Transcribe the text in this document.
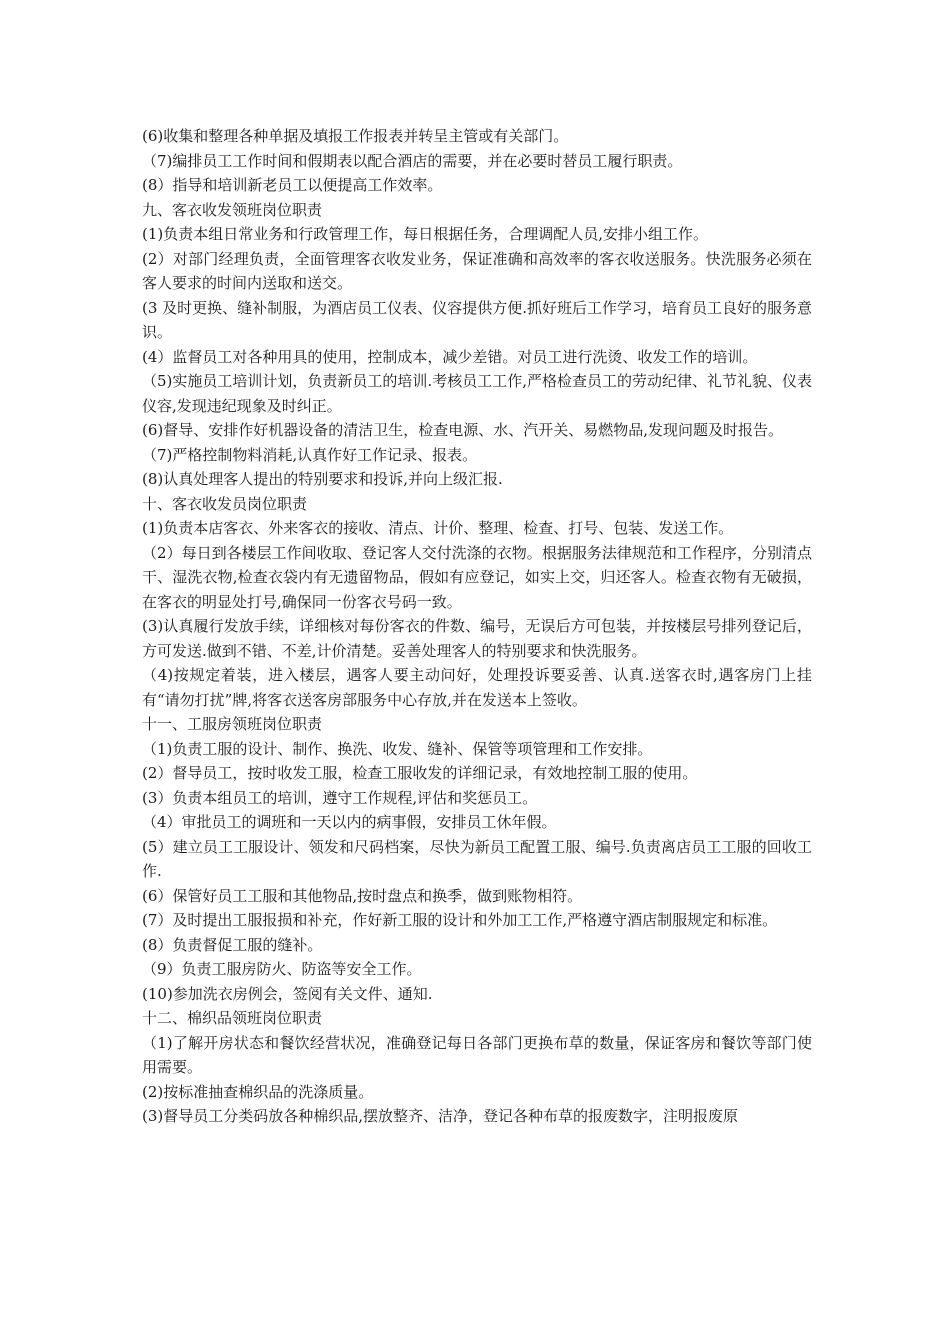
(6)收集和整理各种单据及填报工作报表并转呈主管或有关部门。

（7)编排员工工作时间和假期表以配合酒店的需要，并在必要时替员工履行职责。

(8）指导和培训新老员工以便提高工作效率。

九、客衣收发领班岗位职责

(1)负责本组日常业务和行政管理工作，每日根据任务，合理调配人员,安排小组工作。

(2）对部门经理负责，全面管理客衣收发业务，保证准确和高效率的客衣收送服务。快洗服务必须在客人要求的时间内送取和送交。

(3 及时更换、缝补制服，为酒店员工仪表、仪容提供方便.抓好班后工作学习，培育员工良好的服务意识。

(4）监督员工对各种用具的使用，控制成本，减少差错。对员工进行洗烫、收发工作的培训。

（5)实施员工培训计划，负责新员工的培训.考核员工工作,严格检查员工的劳动纪律、礼节礼貌、仪表仪容,发现违纪现象及时纠正。

(6)督导、安排作好机器设备的清洁卫生，检查电源、水、汽开关、易燃物品,发现问题及时报告。

（7)严格控制物料消耗,认真作好工作记录、报表。

(8)认真处理客人提出的特别要求和投诉,并向上级汇报.

十、客衣收发员岗位职责

(1)负责本店客衣、外来客衣的接收、清点、计价、整理、检查、打号、包装、发送工作。

（2）每日到各楼层工作间收取、登记客人交付洗涤的衣物。根据服务法律规范和工作程序，分别清点干、湿洗衣物,检查衣袋内有无遗留物品，假如有应登记，如实上交，归还客人。检查衣物有无破损，在客衣的明显处打号,确保同一份客衣号码一致。

(3)认真履行发放手续，详细核对每份客衣的件数、编号，无误后方可包装，并按楼层号排列登记后，方可发送.做到不错、不差,计价清楚。妥善处理客人的特别要求和快洗服务。

（4)按规定着装，进入楼层，遇客人要主动问好，处理投诉要妥善、认真.送客衣时,遇客房门上挂有“请勿打扰”牌,将客衣送客房部服务中心存放,并在发送本上签收。

十一、工服房领班岗位职责

（1)负责工服的设计、制作、换洗、收发、缝补、保管等项管理和工作安排。

(2）督导员工，按时收发工服，检查工服收发的详细记录，有效地控制工服的使用。

(3）负责本组员工的培训，遵守工作规程,评估和奖惩员工。

（4）审批员工的调班和一天以内的病事假，安排员工休年假。

(5）建立员工工服设计、领发和尺码档案，尽快为新员工配置工服、编号.负责离店员工工服的回收工作.

(6）保管好员工工服和其他物品,按时盘点和换季，做到账物相符。

(7）及时提出工服报损和补充，作好新工服的设计和外加工工作,严格遵守酒店制服规定和标准。

(8）负责督促工服的缝补。

（9）负责工服房防火、防盗等安全工作。

(10)参加洗衣房例会，签阅有关文件、通知.

十二、棉织品领班岗位职责

（1)了解开房状态和餐饮经营状况，准确登记每日各部门更换布草的数量，保证客房和餐饮等部门使用需要。

(2)按标准抽查棉织品的洗涤质量。

(3)督导员工分类码放各种棉织品,摆放整齐、洁净，登记各种布草的报废数字，注明报废原
